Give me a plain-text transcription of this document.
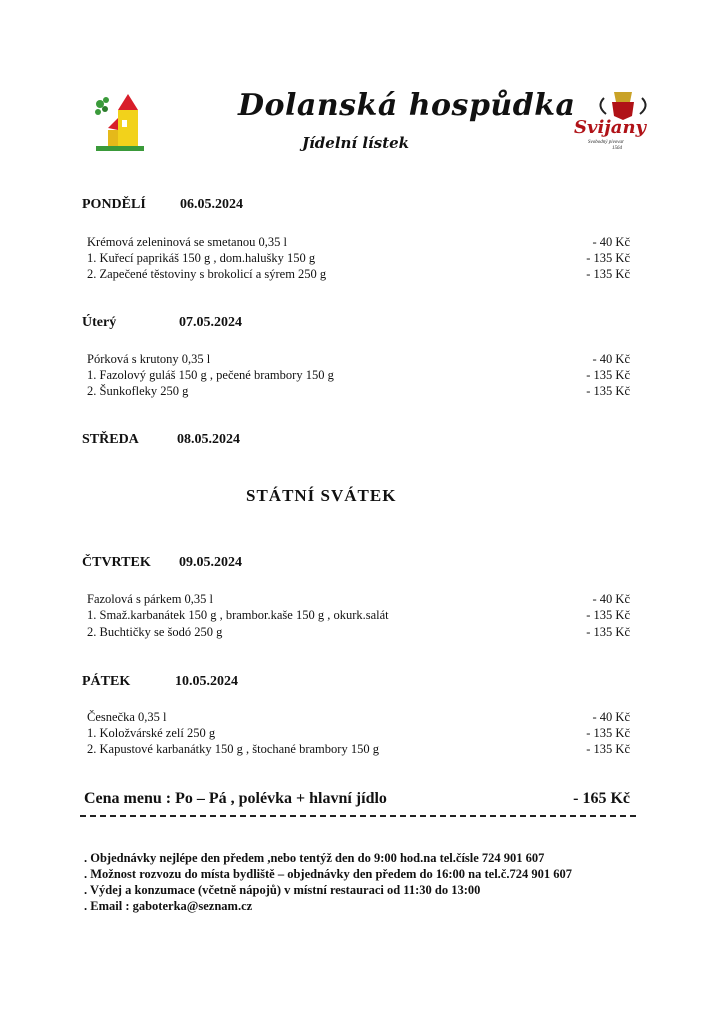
Dolanská hospůdka
Jídelní lístek
Svijany
Svobodný pivovar
1564
PONDĚLÍ 06.05.2024
Krémová zeleninová se smetanou 0,35 l	- 40 Kč
1. Kuřecí paprikáš 150 g , dom.halušky 150 g	- 135 Kč
2. Zapečené těstoviny s brokolicí a sýrem 250 g	- 135 Kč
Úterý	07.05.2024
Pórková s krutony 0,35 l	- 40 Kč
1. Fazolový guláš 150 g , pečené brambory 150 g	- 135 Kč
2. Šunkofleky 250 g	- 135 Kč
STŘEDA	08.05.2024
STÁTNÍ SVÁTEK
ČTVRTEK 09.05.2024
Fazolová s párkem 0,35 l	- 40 Kč
1. Smaž.karbanátek 150 g , brambor.kaše 150 g , okurk.salát	- 135 Kč
2. Buchtičky se šodó 250 g	- 135 Kč
PÁTEK	10.05.2024
Česnečka 0,35 l	- 40 Kč
1. Koložvárské zelí 250 g	- 135 Kč
2. Kapustové karbanátky 150 g , štochané brambory 150 g	- 135 Kč
Cena menu : Po – Pá , polévka + hlavní jídlo	- 165 Kč
. Objednávky nejlépe den předem ,nebo tentýž den do 9:00 hod.na tel.čísle 724 901 607
. Možnost rozvozu do místa bydliště – objednávky den předem do 16:00 na tel.č.724 901 607
. Výdej a konzumace (včetně nápojů) v místní restauraci od 11:30 do 13:00
. Email : gaboterka@seznam.cz
